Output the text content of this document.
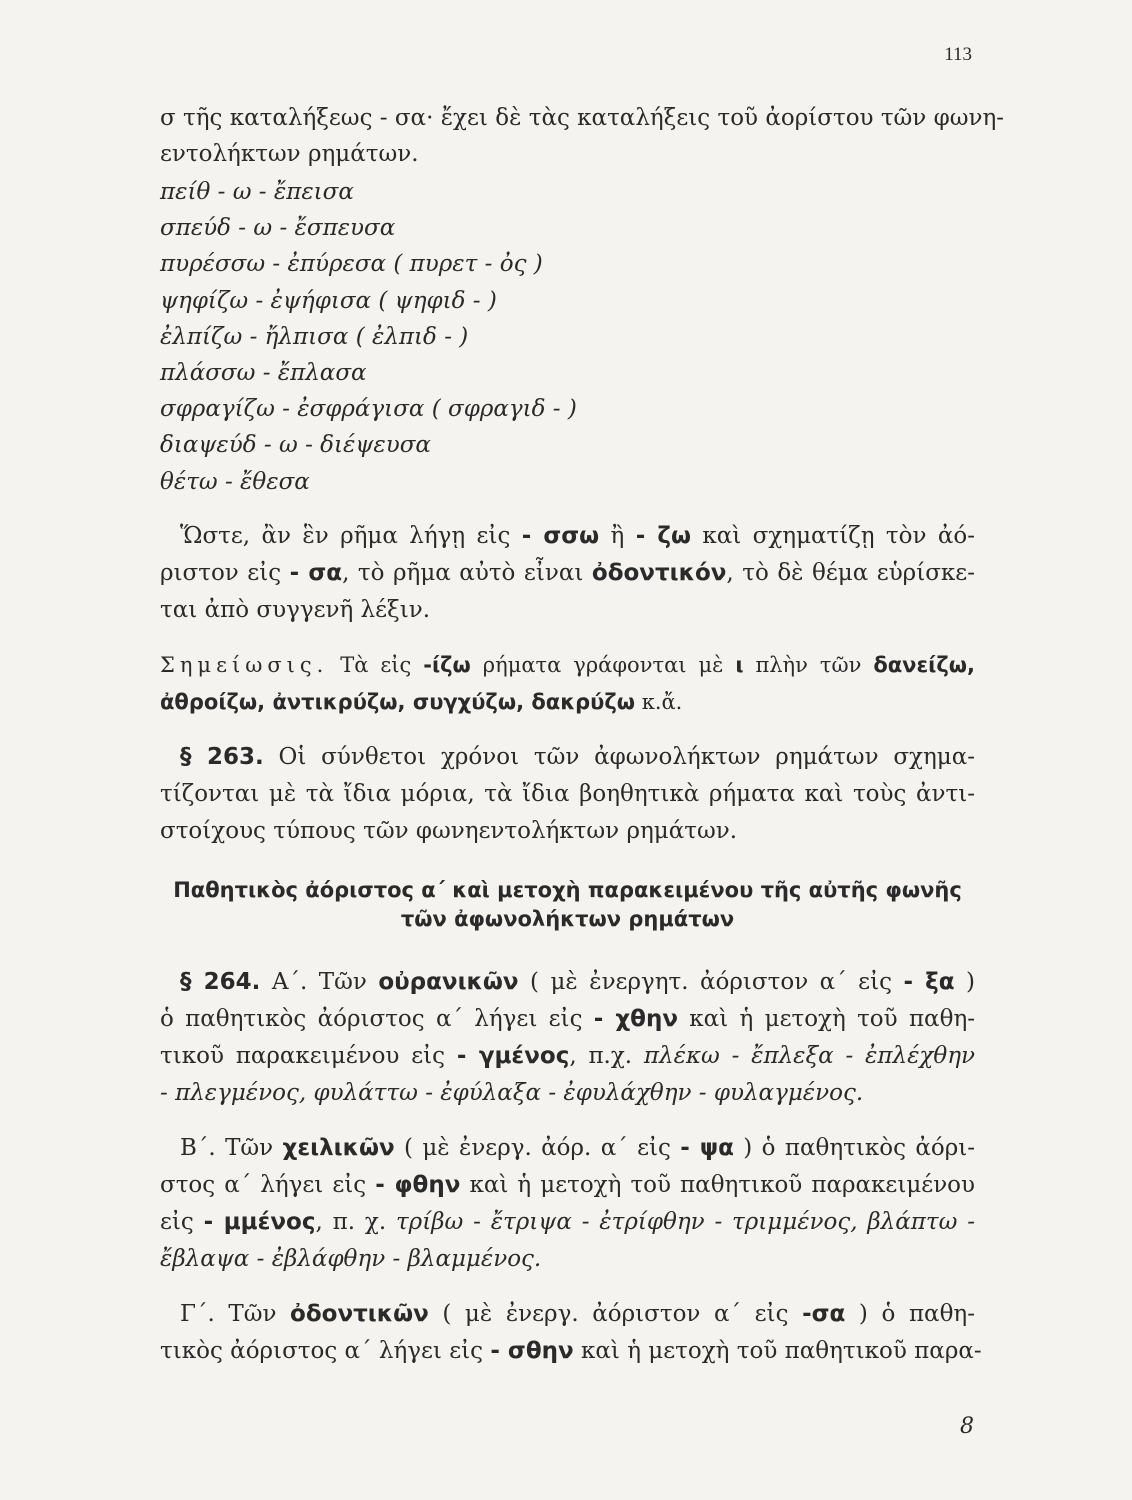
113
σ τῆς καταλήξεως - σα· ἔχει δὲ τὰς καταλήξεις τοῦ ἀορίστου τῶν φωνη-
εντολήκτων ρημάτων.
πείθ - ω - ἔπεισα
σπεύδ - ω - ἔσπευσα
πυρέσσω - ἐπύρεσα ( πυρετ - ὀς )
ψηφίζω - ἐψήφισα ( ψηφιδ - )
ἐλπίζω - ἤλπισα ( ἐλπιδ - )
πλάσσω - ἔπλασα
σφραγίζω - ἐσφράγισα ( σφραγιδ - )
διαψεύδ - ω - διέψευσα
θέτω - ἔθεσα
Ὥστε, ἂν ἓν ρῆμα λήγῃ εἰς - σσω ἢ - ζω καὶ σχηματίζῃ τὸν ἀό-
ριστον εἰς - σα, τὸ ρῆμα αὐτὸ εἶναι ὀδοντικόν, τὸ δὲ θέμα εὑρίσκε-
ται ἀπὸ συγγενῆ λέξιν.
Σημείωσις. Τὰ εἰς -ίζω ρήματα γράφονται μὲ ι πλὴν τῶν δανείζω,
ἀθροίζω, ἀντικρύζω, συγχύζω, δακρύζω κ.ἄ.
§ 263. Οἱ σύνθετοι χρόνοι τῶν ἀφωνολήκτων ρημάτων σχημα-
τίζονται μὲ τὰ ἴδια μόρια, τὰ ἴδια βοηθητικὰ ρήματα καὶ τοὺς ἀντι-
στοίχους τύπους τῶν φωνηεντολήκτων ρημάτων.
Παθητικὸς ἀόριστος α΄ καὶ μετοχὴ παρακειμένου τῆς αὐτῆς φωνῆς
τῶν ἀφωνολήκτων ρημάτων
§ 264. Α΄. Τῶν οὐρανικῶν ( μὲ ἐνεργητ. ἀόριστον α΄ εἰς - ξα )
ὁ παθητικὸς ἀόριστος α΄ λήγει εἰς - χθην καὶ ἡ μετοχὴ τοῦ παθη-
τικοῦ παρακειμένου εἰς - γμένος, π.χ. πλέκω - ἔπλεξα - ἐπλέχθην
- πλεγμένος, φυλάττω - ἐφύλαξα - ἐφυλάχθην - φυλαγμένος.
Β΄. Τῶν χειλικῶν ( μὲ ἐνεργ. ἀόρ. α΄ εἰς - ψα ) ὁ παθητικὸς ἀόρι-
στος α΄ λήγει εἰς - φθην καὶ ἡ μετοχὴ τοῦ παθητικοῦ παρακειμένου
εἰς - μμένος, π. χ. τρίβω - ἔτριψα - ἐτρίφθην - τριμμένος, βλάπτω -
ἔβλαψα - ἐβλάφθην - βλαμμένος.
Γ΄. Τῶν ὀδοντικῶν ( μὲ ἐνεργ. ἀόριστον α΄ εἰς -σα ) ὁ παθη-
τικὸς ἀόριστος α΄ λήγει εἰς - σθην καὶ ἡ μετοχὴ τοῦ παθητικοῦ παρα-
8
